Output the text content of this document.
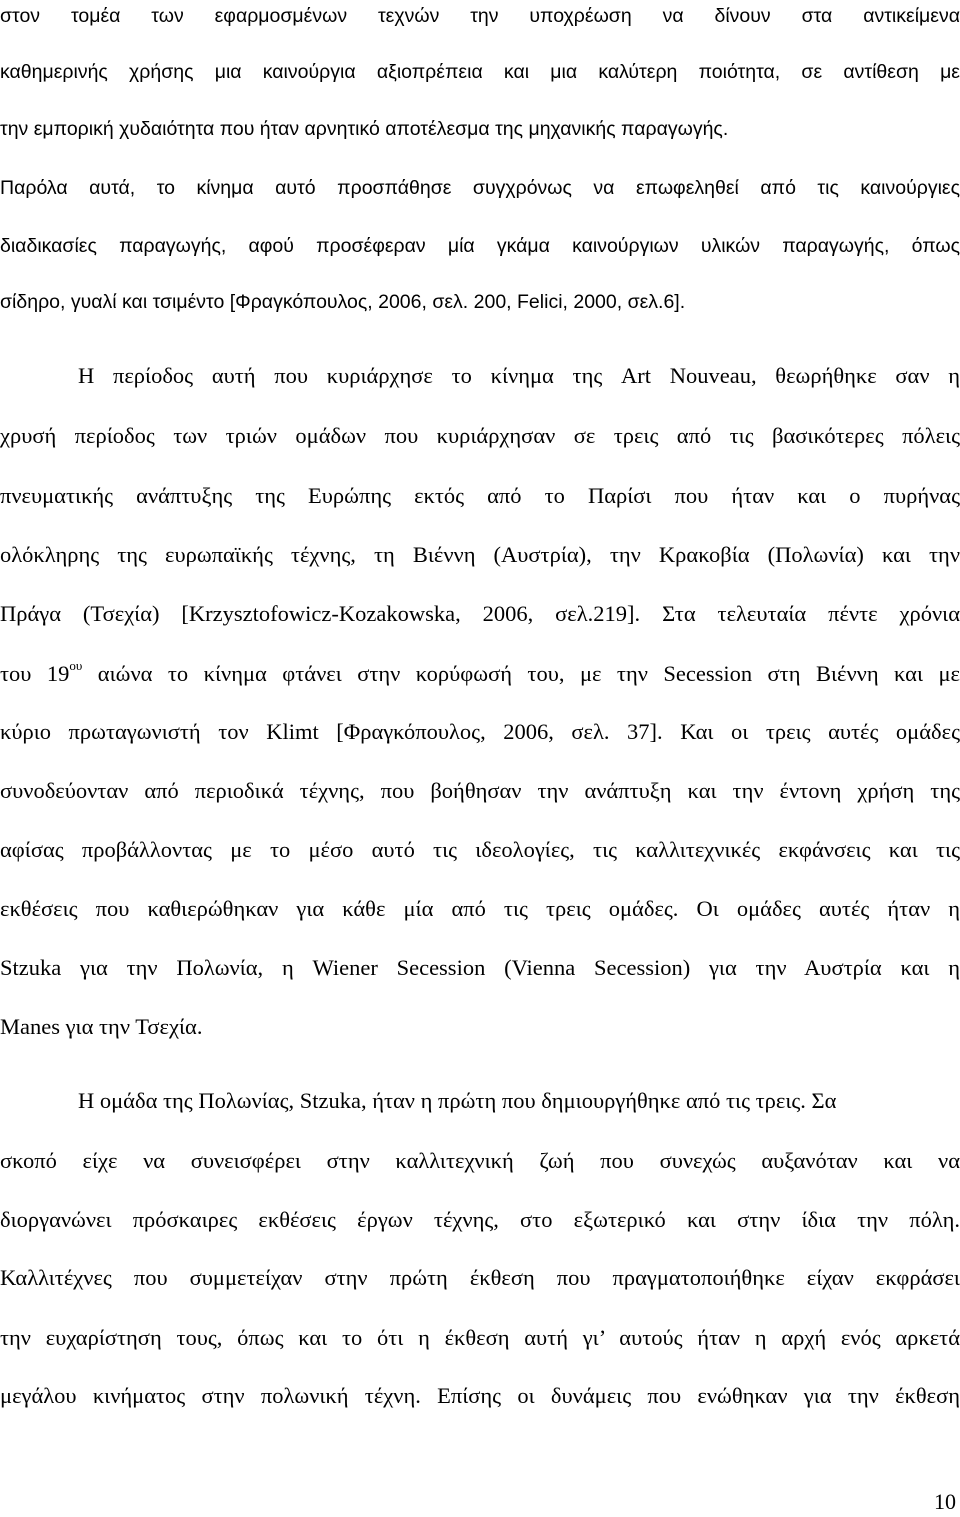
στον τομέα των εφαρμοσμένων τεχνών την υποχρέωση να δίνουν στα αντικείμενα
καθημερινής χρήσης μια καινούργια αξιοπρέπεια και μια καλύτερη ποιότητα, σε αντίθεση με
την εμπορική χυδαιότητα που ήταν αρνητικό αποτέλεσμα της μηχανικής παραγωγής.
Παρόλα αυτά, το κίνημα αυτό προσπάθησε συγχρόνως να επωφεληθεί από τις καινούργιες
διαδικασίες παραγωγής, αφού προσέφεραν μία γκάμα καινούργιων υλικών παραγωγής, όπως
σίδηρο, γυαλί και τσιμέντο [Φραγκόπουλος, 2006, σελ. 200, Felici, 2000, σελ.6].
Η περίοδος αυτή που κυριάρχησε το κίνημα της Art Nouveau, θεωρήθηκε σαν η
χρυσή περίοδος των τριών ομάδων που κυριάρχησαν σε τρεις από τις βασικότερες πόλεις
πνευματικής ανάπτυξης της Ευρώπης εκτός από το Παρίσι που ήταν και ο πυρήνας
ολόκληρης της ευρωπαϊκής τέχνης, τη Βιέννη (Αυστρία), την Κρακοβία (Πολωνία) και την
Πράγα (Τσεχία) [Krzysztofowicz-Kozakowska, 2006, σελ.219]. Στα τελευταία πέντε χρόνια
του $19^{o\upsilon}$ αιώνα το κίνημα φτάνει στην κορύφωσή του, με την Secession στη Βιέννη και με
κύριο πρωταγωνιστή τον Klimt [Φραγκόπουλος, 2006, σελ. 37]. Και οι τρεις αυτές ομάδες
συνοδεύονταν από περιοδικά τέχνης, που βοήθησαν την ανάπτυξη και την έντονη χρήση της
αφίσας προβάλλοντας με το μέσο αυτό τις ιδεολογίες, τις καλλιτεχνικές εκφάνσεις και τις
εκθέσεις που καθιερώθηκαν για κάθε μία από τις τρεις ομάδες. Οι ομάδες αυτές ήταν η
Stzuka για την Πολωνία, η Wiener Secession (Vienna Secession) για την Αυστρία και η
Manes για την Τσεχία.
Η ομάδα της Πολωνίας, Stzuka, ήταν η πρώτη που δημιουργήθηκε από τις τρεις. Σα
σκοπό είχε να συνεισφέρει στην καλλιτεχνική ζωή που συνεχώς αυξανόταν και να
διοργανώνει πρόσκαιρες εκθέσεις έργων τέχνης, στο εξωτερικό και στην ίδια την πόλη.
Καλλιτέχνες που συμμετείχαν στην πρώτη έκθεση που πραγματοποιήθηκε είχαν εκφράσει
την ευχαρίστηση τους, όπως και το ότι η έκθεση αυτή γι’ αυτούς ήταν η αρχή ενός αρκετά
μεγάλου κινήματος στην πολωνική τέχνη. Επίσης οι δυνάμεις που ενώθηκαν για την έκθεση
10
